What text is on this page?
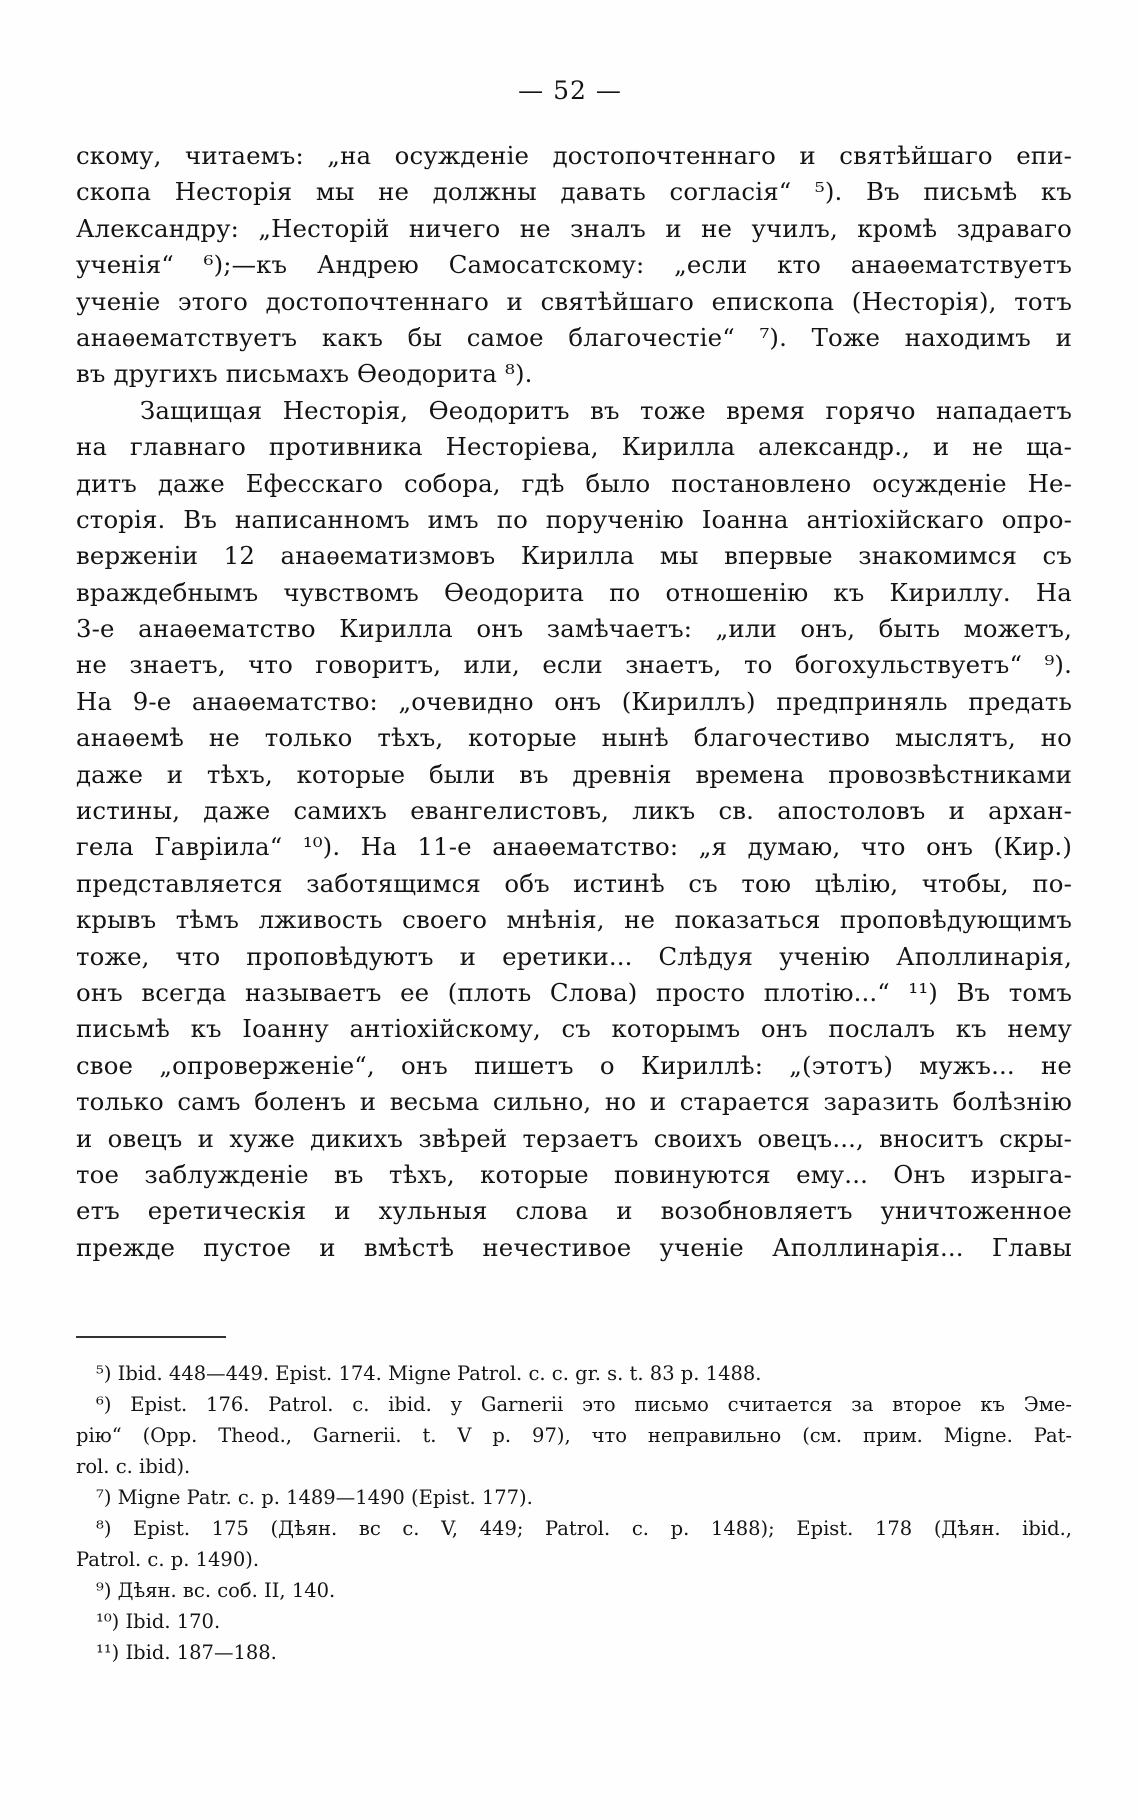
— 52 —
скому, читаемъ: „на осужденіе достопочтеннаго и святѣйшаго епи-
скопа Несторія мы не должны давать согласія“ ⁵). Въ письмѣ къ
Александру: „Несторій ничего не зналъ и не училъ, кромѣ здраваго
ученія“ ⁶);—къ Андрею Самосатскому: „если кто анаѳематствуетъ
ученіе этого достопочтеннаго и святѣйшаго епископа (Несторія), тотъ
анаѳематствуетъ какъ бы самое благочестіе“ ⁷). Тоже находимъ и
въ другихъ письмахъ Ѳеодорита ⁸).
Защищая Несторія, Ѳеодоритъ въ тоже время горячо нападаетъ
на главнаго противника Несторіева, Кирилла александр., и не ща-
дитъ даже Ефесскаго собора, гдѣ было постановлено осужденіе Не-
сторія. Въ написанномъ имъ по порученію Іоанна антіохійскаго опро-
верженіи 12 анаѳематизмовъ Кирилла мы впервые знакомимся съ
враждебнымъ чувствомъ Ѳеодорита по отношенію къ Кириллу. На
3-е анаѳематство Кирилла онъ замѣчаетъ: „или онъ, быть можетъ,
не знаетъ, что говоритъ, или, если знаетъ, то богохульствуетъ“ ⁹).
На 9-е анаѳематство: „очевидно онъ (Кириллъ) предприняль предать
анаѳемѣ не только тѣхъ, которые нынѣ благочестиво мыслятъ, но
даже и тѣхъ, которые были въ древнія времена провозвѣстниками
истины, даже самихъ евангелистовъ, ликъ св. апостоловъ и архан-
гела Гавріила“ ¹⁰). На 11-е анаѳематство: „я думаю, что онъ (Кир.)
представляется заботящимся объ истинѣ съ тою цѣлію, чтобы, по-
крывъ тѣмъ лживость своего мнѣнія, не показаться проповѣдующимъ
тоже, что проповѣдуютъ и еретики... Слѣдуя ученію Аполлинарія,
онъ всегда называетъ ее (плоть Слова) просто плотію...“ ¹¹) Въ томъ
письмѣ къ Іоанну антіохійскому, съ которымъ онъ послалъ къ нему
свое „опроверженіе“, онъ пишетъ о Кириллѣ: „(этотъ) мужъ... не
только самъ боленъ и весьма сильно, но и старается заразить болѣзнію
и овецъ и хуже дикихъ звѣрей терзаетъ своихъ овецъ..., вноситъ скры-
тое заблужденіе въ тѣхъ, которые повинуются ему... Онъ изрыга-
етъ еретическія и хульныя слова и возобновляетъ уничтоженное
прежде пустое и вмѣстѣ нечестивое ученіе Аполлинарія... Главы
⁵) Ibid. 448—449. Epist. 174. Migne Patrol. c. c. gr. s. t. 83 p. 1488.
⁶) Epist. 176. Patrol. c. ibid. у Garnerii это письмо считается за второе къ Эме-
рію“ (Opp. Theod., Garnerii. t. V p. 97), что неправильно (см. прим. Migne. Pat-
rol. c. ibid).
⁷) Migne Patr. c. p. 1489—1490 (Epist. 177).
⁸) Epist. 175 (Дѣян. вс с. V, 449; Patrol. c. p. 1488); Epist. 178 (Дѣян. ibid.,
Patrol. c. p. 1490).
⁹) Дѣян. вс. соб. II, 140.
¹⁰) Ibid. 170.
¹¹) Ibid. 187—188.
